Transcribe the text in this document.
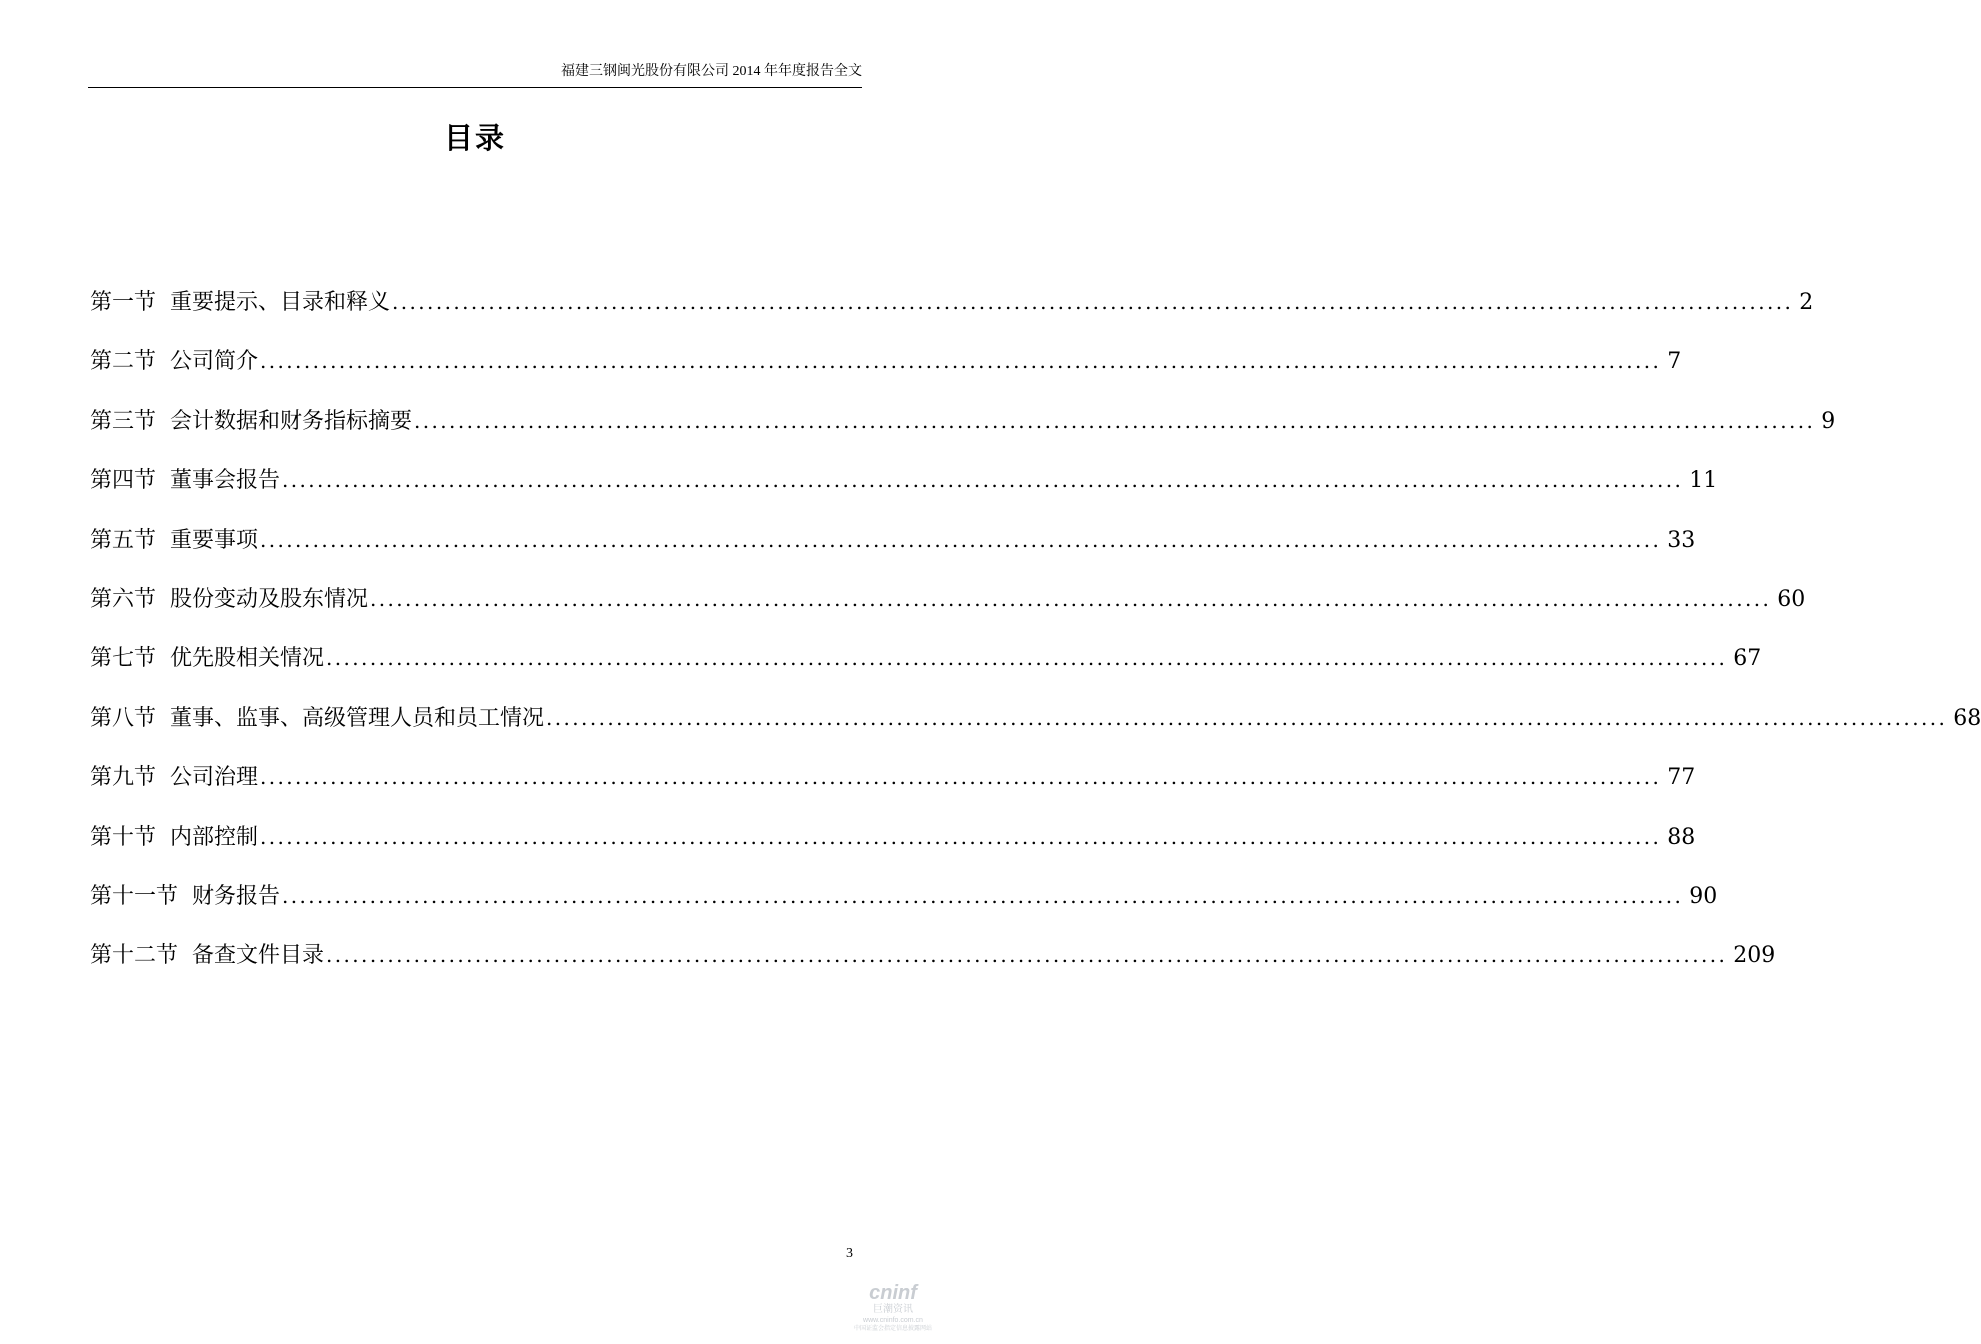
福建三钢闽光股份有限公司 2014 年年度报告全文
目录
第一节 重要提示、目录和释义 ................................................................................................................................................................ 2
第二节 公司简介 ................................................................................................................................................................ 7
第三节 会计数据和财务指标摘要 ................................................................................................................................................................ 9
第四节 董事会报告 ................................................................................................................................................................ 11
第五节 重要事项 ................................................................................................................................................................ 33
第六节 股份变动及股东情况 ................................................................................................................................................................ 60
第七节 优先股相关情况 ................................................................................................................................................................ 67
第八节 董事、监事、高级管理人员和员工情况 ................................................................................................................................................................ 68
第九节 公司治理 ................................................................................................................................................................ 77
第十节 内部控制 ................................................................................................................................................................ 88
第十一节 财务报告 ................................................................................................................................................................ 90
第十二节 备查文件目录 ................................................................................................................................................................ 209
3
cninf
巨潮资讯
www.cninfo.com.cn
中国证监会指定信息披露网站
